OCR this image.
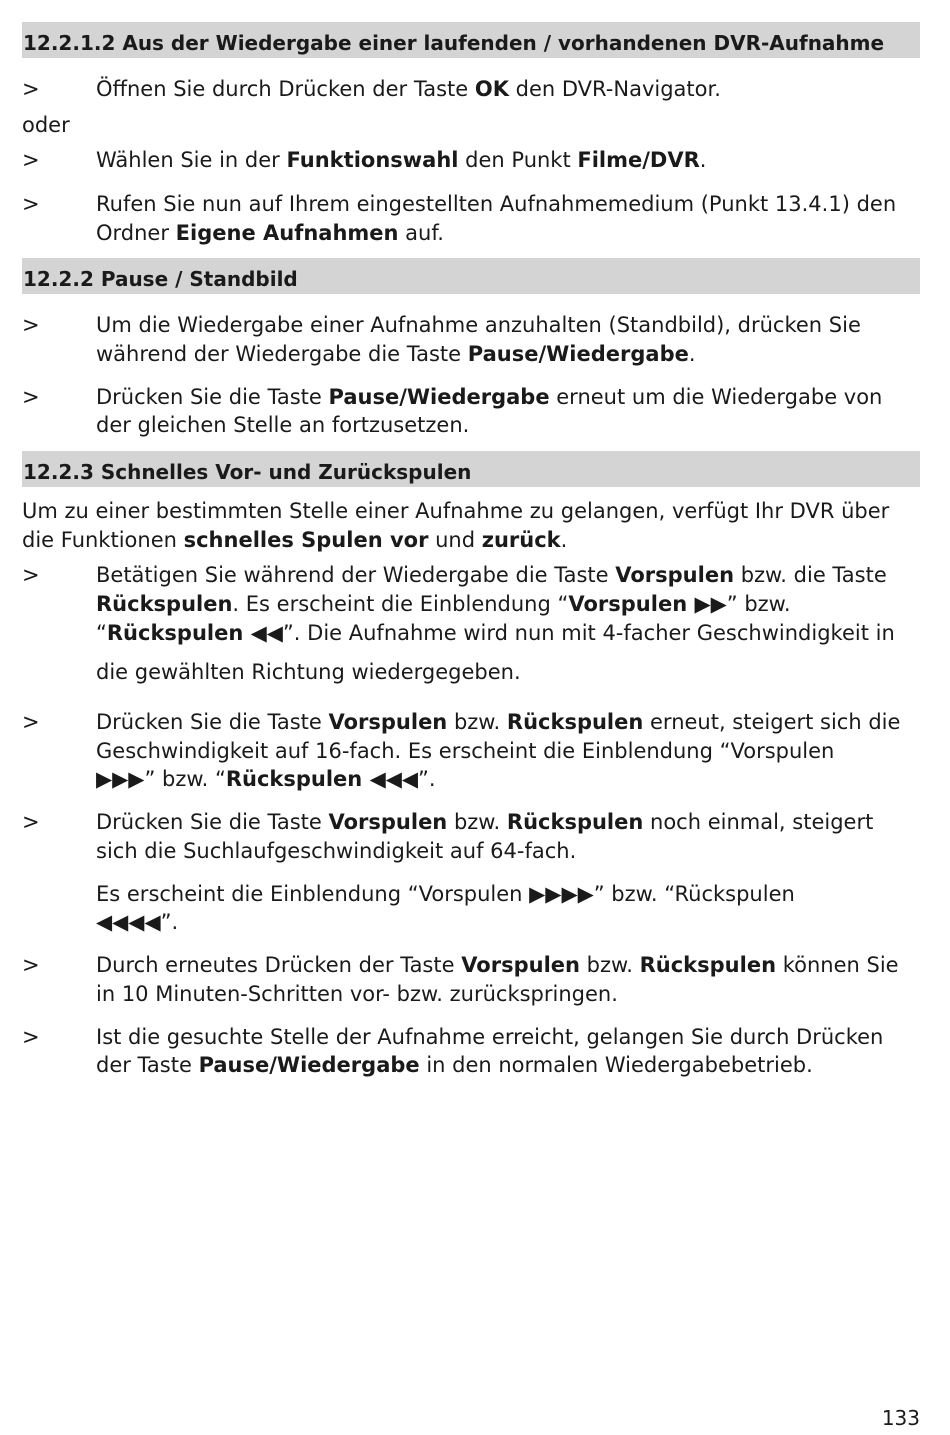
12.2.1.2 Aus der Wiedergabe einer laufenden / vorhandenen DVR-Aufnahme
>	Öffnen Sie durch Drücken der Taste OK den DVR-Navigator.
oder
>	Wählen Sie in der Funktionswahl den Punkt Filme/DVR.
>	Rufen Sie nun auf Ihrem eingestellten Aufnahmemedium (Punkt 13.4.1) den
Ordner Eigene Aufnahmen auf.
12.2.2 Pause / Standbild
>	Um die Wiedergabe einer Aufnahme anzuhalten (Standbild), drücken Sie
während der Wiedergabe die Taste Pause/Wiedergabe.
>	Drücken Sie die Taste Pause/Wiedergabe erneut um die Wiedergabe von
der gleichen Stelle an fortzusetzen.
12.2.3 Schnelles Vor- und Zurückspulen
Um zu einer bestimmten Stelle einer Aufnahme zu gelangen, verfügt Ihr DVR über
die Funktionen schnelles Spulen vor und zurück.
>	Betätigen Sie während der Wiedergabe die Taste Vorspulen bzw. die Taste
Rückspulen. Es erscheint die Einblendung “Vorspulen ▶▶” bzw.
“Rückspulen ◀◀”. Die Aufnahme wird nun mit 4-facher Geschwindigkeit in
die gewählten Richtung wiedergegeben.
>	Drücken Sie die Taste Vorspulen bzw. Rückspulen erneut, steigert sich die
Geschwindigkeit auf 16-fach. Es erscheint die Einblendung “Vorspulen
▶▶▶” bzw. “Rückspulen ◀◀◀”.
>	Drücken Sie die Taste Vorspulen bzw. Rückspulen noch einmal, steigert
sich die Suchlaufgeschwindigkeit auf 64-fach.
Es erscheint die Einblendung “Vorspulen ▶▶▶▶” bzw. “Rückspulen
◀◀◀◀”.
>	Durch erneutes Drücken der Taste Vorspulen bzw. Rückspulen können Sie
in 10 Minuten-Schritten vor- bzw. zurückspringen.
>	Ist die gesuchte Stelle der Aufnahme erreicht, gelangen Sie durch Drücken
der Taste Pause/Wiedergabe in den normalen Wiedergabebetrieb.
133
